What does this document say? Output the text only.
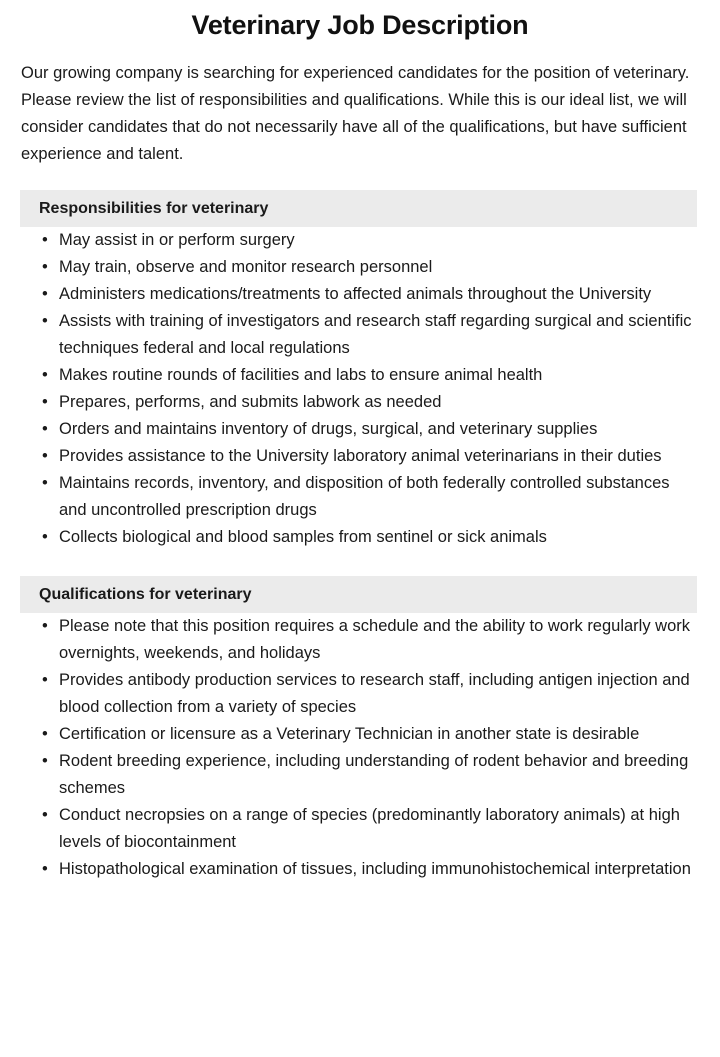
Veterinary Job Description

Our growing company is searching for experienced candidates for the position of veterinary. Please review the list of responsibilities and qualifications. While this is our ideal list, we will consider candidates that do not necessarily have all of the qualifications, but have sufficient experience and talent.

Responsibilities for veterinary
• May assist in or perform surgery
• May train, observe and monitor research personnel
• Administers medications/treatments to affected animals throughout the University
• Assists with training of investigators and research staff regarding surgical and scientific techniques federal and local regulations
• Makes routine rounds of facilities and labs to ensure animal health
• Prepares, performs, and submits labwork as needed
• Orders and maintains inventory of drugs, surgical, and veterinary supplies
• Provides assistance to the University laboratory animal veterinarians in their duties
• Maintains records, inventory, and disposition of both federally controlled substances and uncontrolled prescription drugs
• Collects biological and blood samples from sentinel or sick animals
Qualifications for veterinary
• Please note that this position requires a schedule and the ability to work regularly work overnights, weekends, and holidays
• Provides antibody production services to research staff, including antigen injection and blood collection from a variety of species
• Certification or licensure as a Veterinary Technician in another state is desirable
• Rodent breeding experience, including understanding of rodent behavior and breeding schemes
• Conduct necropsies on a range of species (predominantly laboratory animals) at high levels of biocontainment
• Histopathological examination of tissues, including immunohistochemical interpretation
